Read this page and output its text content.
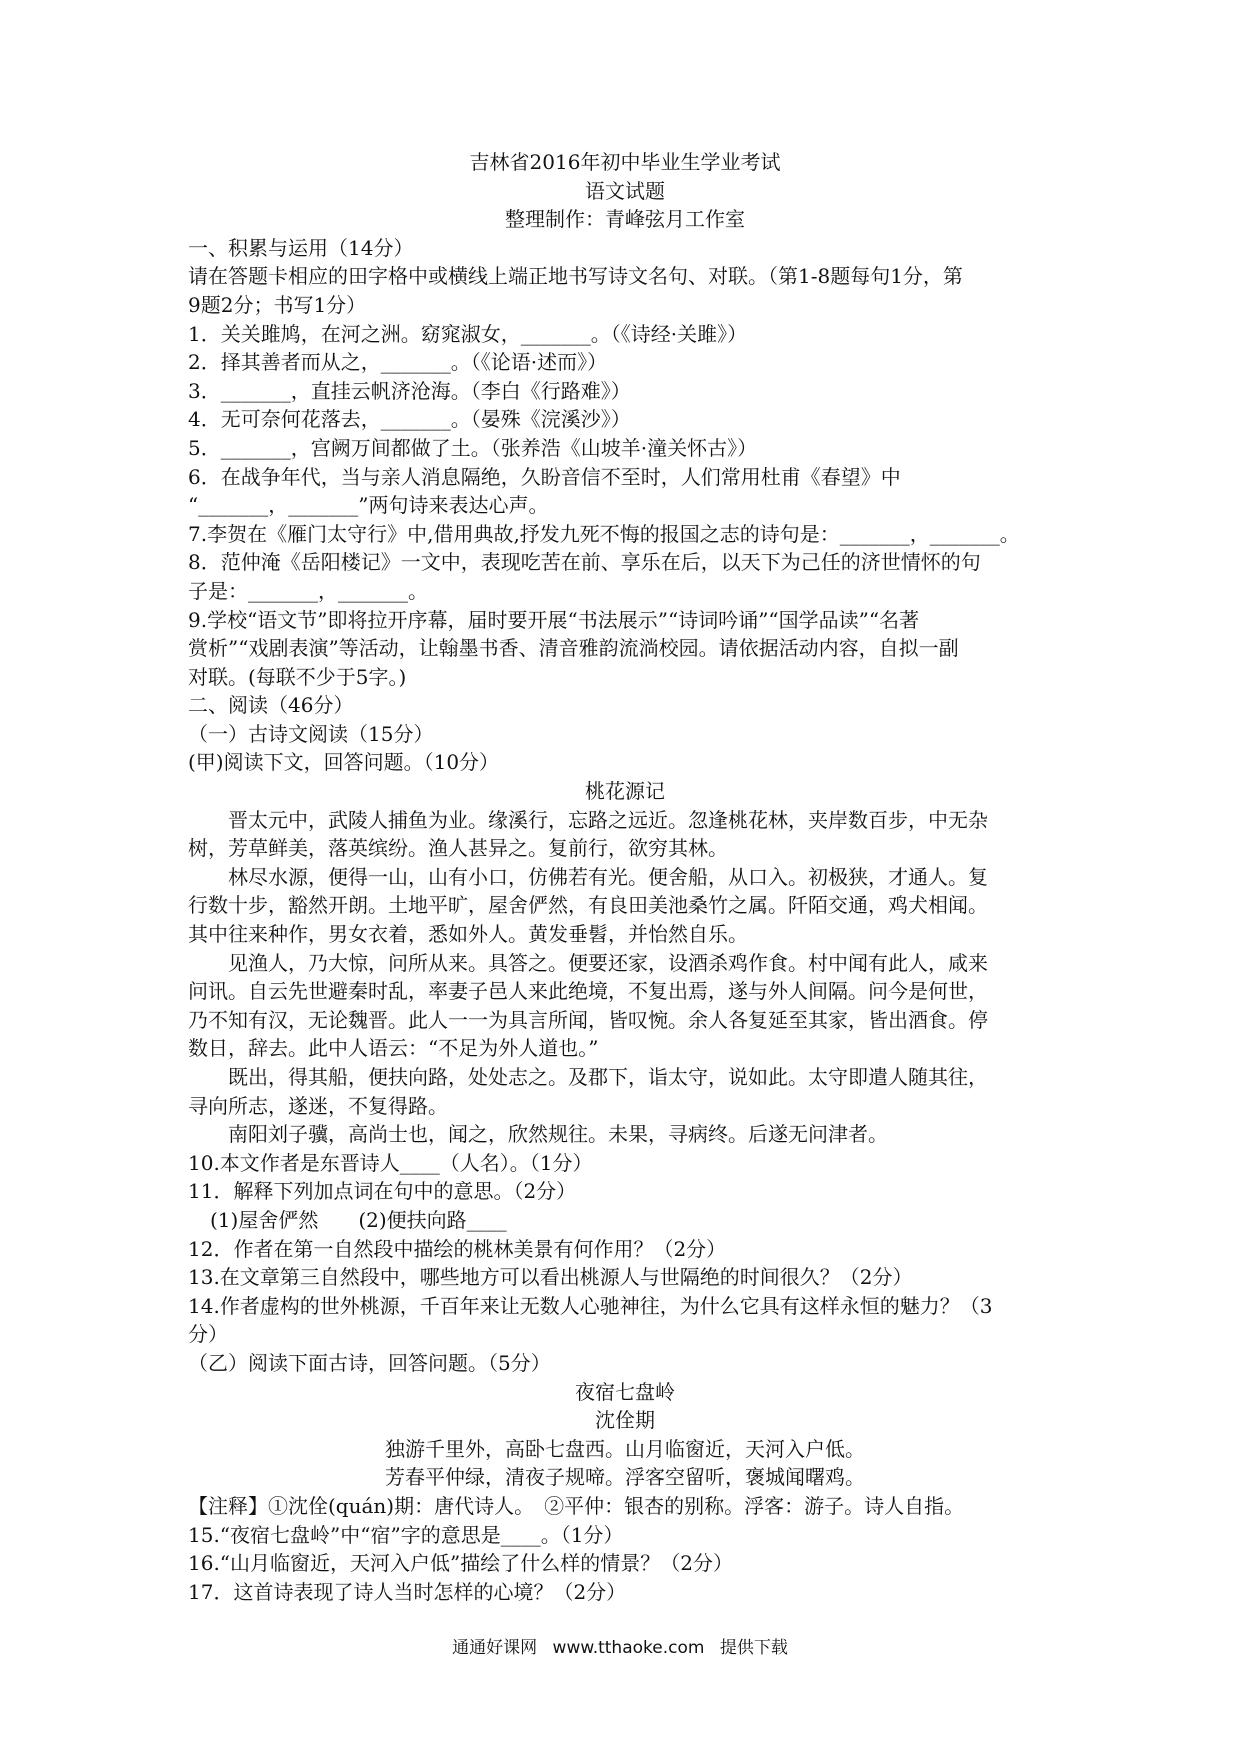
吉林省2016年初中毕业生学业考试
语文试题
整理制作：青峰弦月工作室
一、积累与运用（14分）
请在答题卡相应的田字格中或横线上端正地书写诗文名句、对联。（第1-8题每句1分，第
9题2分；书写1分）
1．关关雎鸠，在河之洲。窈窕淑女，_______。（《诗经·关雎》）
2．择其善者而从之，_______。（《论语·述而》）
3．_______，直挂云帆济沧海。（李白《行路难》）
4．无可奈何花落去，_______。（晏殊《浣溪沙》）
5．_______，宫阙万间都做了土。（张养浩《山坡羊·潼关怀古》）
6．在战争年代，当与亲人消息隔绝，久盼音信不至时，人们常用杜甫《春望》中
“_______，_______”两句诗来表达心声。
7.李贺在《雁门太守行》中,借用典故,抒发九死不悔的报国之志的诗句是：_______，_______。
8．范仲淹《岳阳楼记》一文中，表现吃苦在前、享乐在后，以天下为己任的济世情怀的句
子是：_______，_______。
9.学校“语文节”即将拉开序幕，届时要开展“书法展示”“诗词吟诵”“国学品读”“名著
赏析”“戏剧表演”等活动，让翰墨书香、清音雅韵流淌校园。请依据活动内容，自拟一副
对联。(每联不少于5字。)
二、阅读（46分）
（一）古诗文阅读（15分）
(甲)阅读下文，回答问题。（10分）
桃花源记
晋太元中，武陵人捕鱼为业。缘溪行，忘路之远近。忽逢桃花林，夹岸数百步，中无杂
树，芳草鲜美，落英缤纷。渔人甚异之。复前行，欲穷其林。
林尽水源，便得一山，山有小口，仿佛若有光。便舍船，从口入。初极狭，才通人。复
行数十步，豁然开朗。土地平旷，屋舍俨然，有良田美池桑竹之属。阡陌交通，鸡犬相闻。
其中往来种作，男女衣着，悉如外人。黄发垂髫，并怡然自乐。
见渔人，乃大惊，问所从来。具答之。便要还家，设酒杀鸡作食。村中闻有此人，咸来
问讯。自云先世避秦时乱，率妻子邑人来此绝境，不复出焉，遂与外人间隔。问今是何世，
乃不知有汉，无论魏晋。此人一一为具言所闻，皆叹惋。余人各复延至其家，皆出酒食。停
数日，辞去。此中人语云：“不足为外人道也。”
既出，得其船，便扶向路，处处志之。及郡下，诣太守，说如此。太守即遣人随其往，
寻向所志，遂迷，不复得路。
南阳刘子骥，高尚士也，闻之，欣然规往。未果，寻病终。后遂无问津者。
10.本文作者是东晋诗人____（人名）。（1分）
11．解释下列加点词在句中的意思。（2分）
(1)屋舍俨然　　(2)便扶向路____
12．作者在第一自然段中描绘的桃林美景有何作用？（2分）
13.在文章第三自然段中，哪些地方可以看出桃源人与世隔绝的时间很久？（2分）
14.作者虚构的世外桃源，千百年来让无数人心驰神往，为什么它具有这样永恒的魅力？（3
分）
（乙）阅读下面古诗，回答问题。（5分）
夜宿七盘岭
沈佺期
独游千里外，高卧七盘西。山月临窗近，天河入户低。
芳春平仲绿，清夜子规啼。浮客空留听，褒城闻曙鸡。
【注释】①沈佺(quán)期：唐代诗人。　②平仲：银杏的别称。浮客：游子。诗人自指。
15.“夜宿七盘岭”中“宿”字的意思是____。（1分）
16.“山月临窗近，天河入户低”描绘了什么样的情景？（2分）
17．这首诗表现了诗人当时怎样的心境？（2分）
通通好课网 www.tthaoke.com 提供下载
